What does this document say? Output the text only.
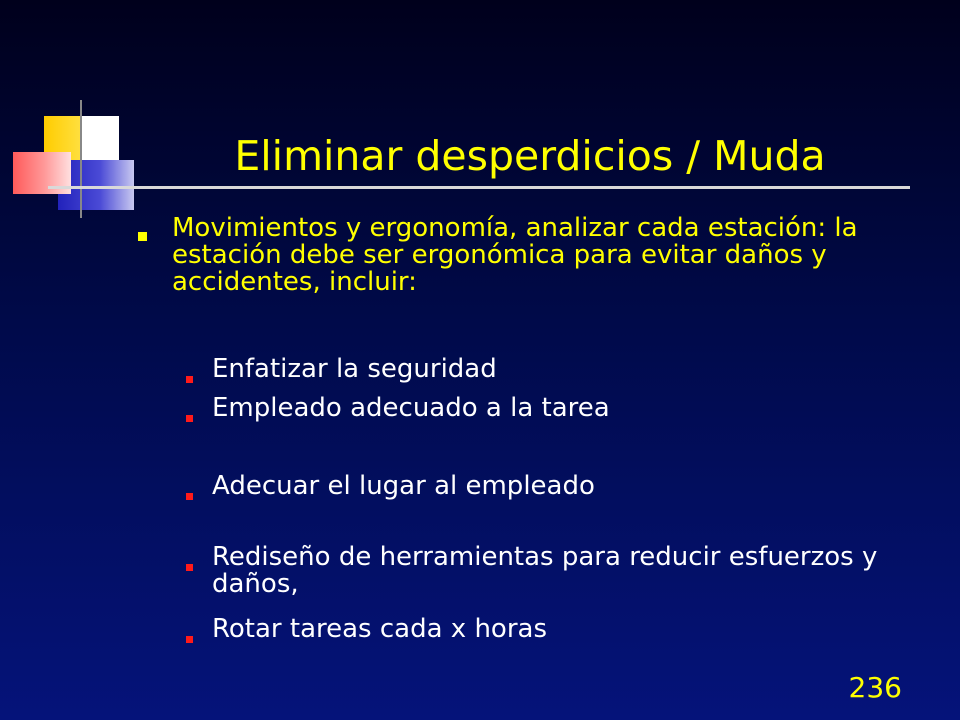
Eliminar desperdicios / Muda
Movimientos y ergonomía, analizar cada estación: la estación debe ser ergonómica para evitar daños y accidentes, incluir:
Enfatizar la seguridad
Empleado adecuado a la tarea
Adecuar el lugar al empleado
Rediseño de herramientas para reducir esfuerzos y daños,
Rotar tareas cada x horas
236
